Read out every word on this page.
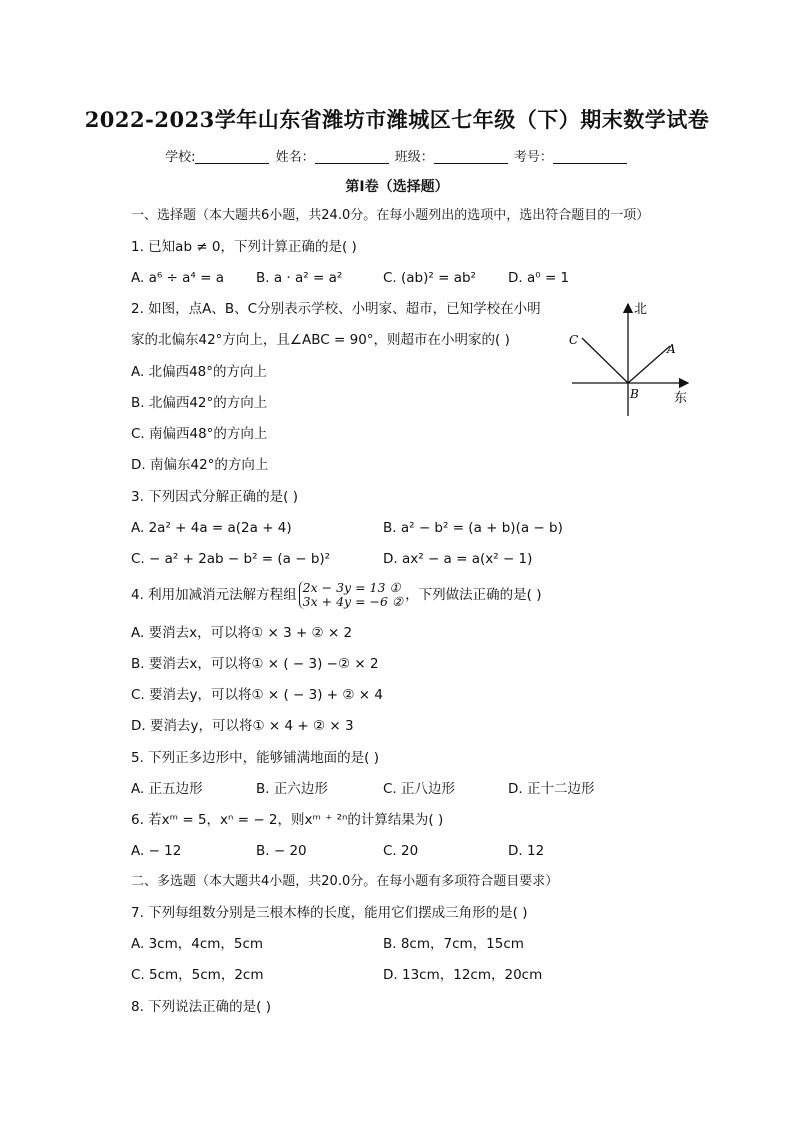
2022-2023学年山东省潍坊市潍城区七年级（下）期末数学试卷
学校:	姓名：	班级：	考号：
第I卷（选择题）
一、选择题（本大题共6小题，共24.0分。在每小题列出的选项中，选出符合题目的一项）
1. 已知ab ≠ 0，下列计算正确的是( )
A. a⁶ ÷ a⁴ = a B. a · a² = a²	C. (ab)² = ab² D. a⁰ = 1
2. 如图，点A、B、C分别表示学校、小明家、超市，已知学校在小明
家的北偏东42°方向上，且∠ABC = 90°，则超市在小明家的( )
A. 北偏西48°的方向上
B. 北偏西42°的方向上
C. 南偏西48°的方向上
D. 南偏东42°的方向上
北
东
A
B
C
3. 下列因式分解正确的是( )
A. 2a² + 4a = a(2a + 4)	B. a² − b² = (a + b)(a − b)
C. − a² + 2ab − b² = (a − b)²	D. ax² − a = a(x² − 1)
4. 利用加减消元法解方程组 2x − 3y = 13 ①
3x + 4y = −6 ② ，下列做法正确的是( )
A. 要消去x，可以将① × 3 + ② × 2
B. 要消去x，可以将① × ( − 3) −② × 2
C. 要消去y，可以将① × ( − 3) + ② × 4
D. 要消去y，可以将① × 4 + ② × 3
5. 下列正多边形中，能够铺满地面的是( )
A. 正五边形	B. 正六边形	C. 正八边形	D. 正十二边形
6. 若xᵐ = 5，xⁿ = − 2，则xᵐ ⁺ ²ⁿ的计算结果为( )
A. − 12	B. − 20	C. 20	D. 12
二、多选题（本大题共4小题，共20.0分。在每小题有多项符合题目要求）
7. 下列每组数分别是三根木棒的长度，能用它们摆成三角形的是( )
A. 3cm，4cm，5cm	B. 8cm，7cm，15cm
C. 5cm，5cm，2cm	D. 13cm，12cm，20cm
8. 下列说法正确的是( )
